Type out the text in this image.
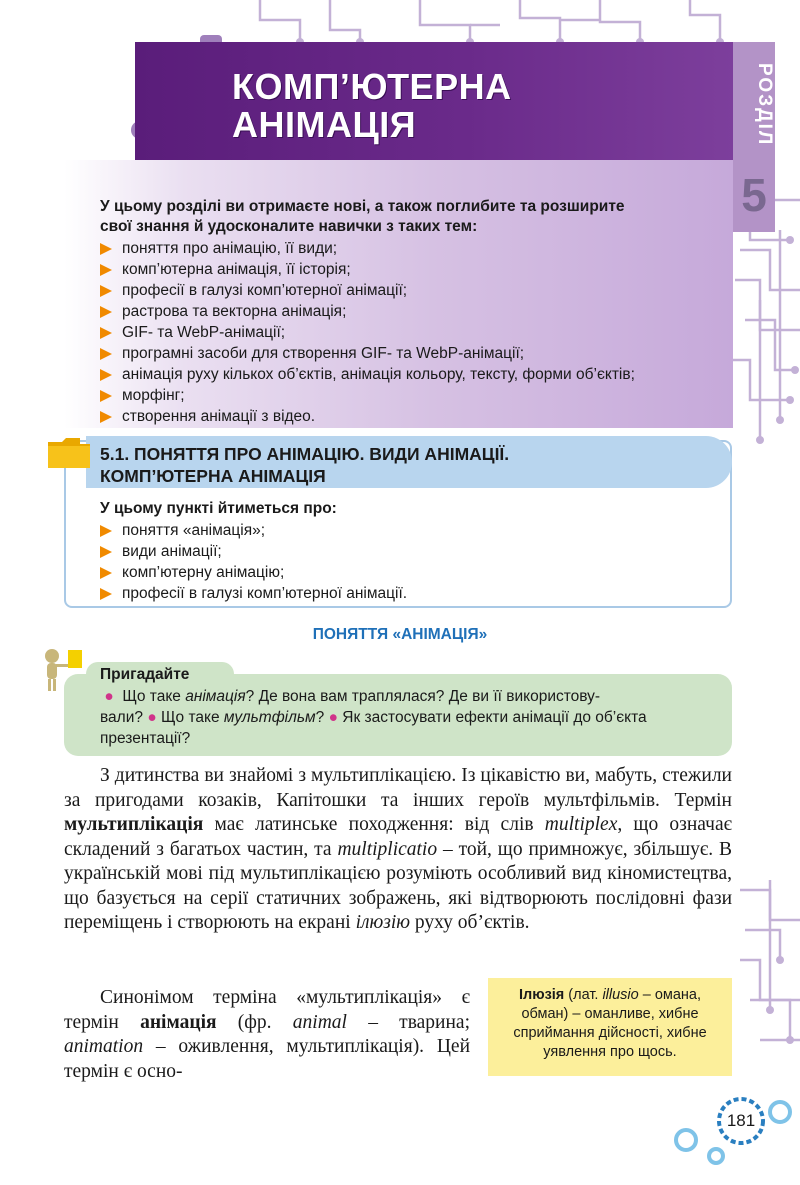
КОМП’ЮТЕРНА
АНІМАЦІЯ	РОЗДІЛ
5
У цьому розділі ви отримаєте нові, а також поглибите та розширите
свої знання й удосконалите навички з таких тем:
поняття про анімацію, її види;
комп’ютерна анімація, її історія;
професії в галузі комп’ютерної анімації;
растрова та векторна анімація;
GIF- та WebP-анімації;
програмні засоби для створення GIF- та WebP-анімації;
анімація руху кількох об’єктів, анімація кольору, тексту, форми об’єктів;
морфінг;
створення анімації з відео.
5.1. ПОНЯТТЯ ПРО АНІМАЦІЮ. ВИДИ АНІМАЦІЇ.
КОМП’ЮТЕРНА АНІМАЦІЯ
У цьому пункті йтиметься про:
поняття «анімація»;
види анімації;
комп’ютерну анімацію;
професії в галузі комп’ютерної анімації.
ПОНЯТТЯ «АНІМАЦІЯ»
Пригадайте
● Що таке анімація? Де вона вам траплялася? Де ви її використову-
вали? ● Що таке мультфільм? ● Як застосувати ефекти анімації до об’єкта
презентації?
З дитинства ви знайомі з мультиплікацією. Із цікавістю ви, мабуть, стежили за пригодами козаків, Капітошки та інших героїв мультфільмів. Термін мультиплікація має латинське походження: від слів multiplex, що означає складений з багатьох частин, та multiplicatio – той, що примножує, збільшує. В українській мові під мультиплікацією розуміють особливий вид кіномистецтва, що базується на серії статичних зображень, які відтворюють послідовні фази переміщень і створюють на екрані ілюзію руху об’єктів.
Синонімом терміна «мультиплікація» є термін анімація (фр. animal – тварина; animation – оживлення, мультиплікація). Цей термін є осно-
Ілюзія (лат. illusio – омана, обман) – оманливе, хибне сприймання дійсності, хибне уявлення про щось.
181
